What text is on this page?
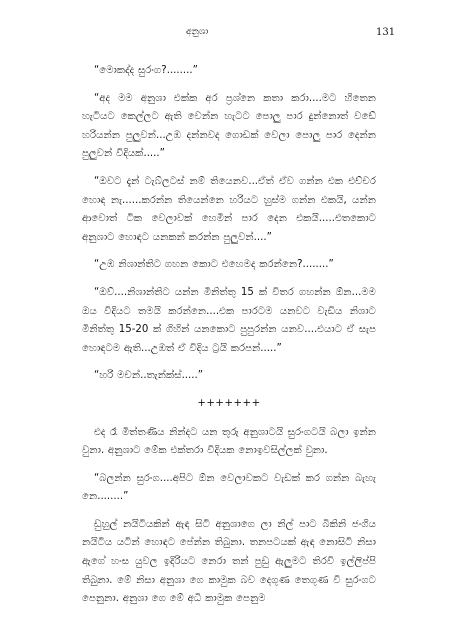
අනුශා	131

“මොකද්ද සුරංග?........”

“අද මම අනුශා එක්ක අර ප්‍රශ්නෙ කතා කරා....මට හිතෙන හැටියට කෙල්ලට ඇති වෙන්න හැටට පොලු පාර දුන්නොත් වඩේ හරියන්න පුලුවන්...උඹ දන්නවද ගොඩක් වෙලා පොලු පාර දෙන්න පුලුවන් විදියක්.....”

“ඔවට දැන් ටැබ්ලටස් නම් තියෙනව...ඒත් ඒව ගන්න එක එච්චර හොඳ නැ......කරන්න තියෙන්නෙ හරියට හුස්ම ගන්න එකයි, යන්න ආවොත් ටික වෙලාවක් හෙමින් පාර දෙන එකයි.....එතකොට අනුශාට හොඳට යනකන් කරන්න පුලුවන්....”

“උඹ නිශාන්තිට ගහන කොට එහෙමද කරන්නෙ?........”

“ඔව්....නිශාන්තිට යන්න මිනිත්තු 15 ක් විතර ගහන්න ඕන...මම ඔය විදියට තමයි කරන්නෙ....එක පාරටම යනවට වැඩිය නිශාට මිනිත්තු 15-20 ක් ගිහින් යනකොට පුපුරන්න යනව....එයාට ඒ සැප හොඳටම ඇති...උඹත් ඒ විදිය ට්‍රයි කරපන්.....”

“හරි මචන්..තැන්ක්ස්.....”

+++++++

එද රෑ මිත්තණිය නින්දට යන තුරු අනුශාටයි සුරංගටයි බලා ඉන්න වුනා. අනුශාට මේක එක්තරා විදියක නොඉවසිල්ලක් වුනා.

“බලන්න සුරංග....අපිට ඕන වෙලාවකට වැඩක් කර ගන්න බැහැ නෙ........”

ඩුහුල් නයිටියකින් ඇඳ සිටි අනුශාගෙ ලා නිල් පාට බිකිනි ජංගිය නයිටිය යටින් හොඳට පේන්න තිබුනා. තනපටයක් ඇඳ නොසිටි නිසා ඇගේ හංස යුවල ඉදිරියට නෙරා තන් පුඩු ඇලුමට තිරවි ඉල්ලිප්පි තිබුනා. මේ නිසා අනුශා ගෙ කාමුක බව දෙගුණ තෙගුණ වී සුරංගට පෙනුනා. අනුශා ගෙ මේ අධි කාමුක පෙනුම
